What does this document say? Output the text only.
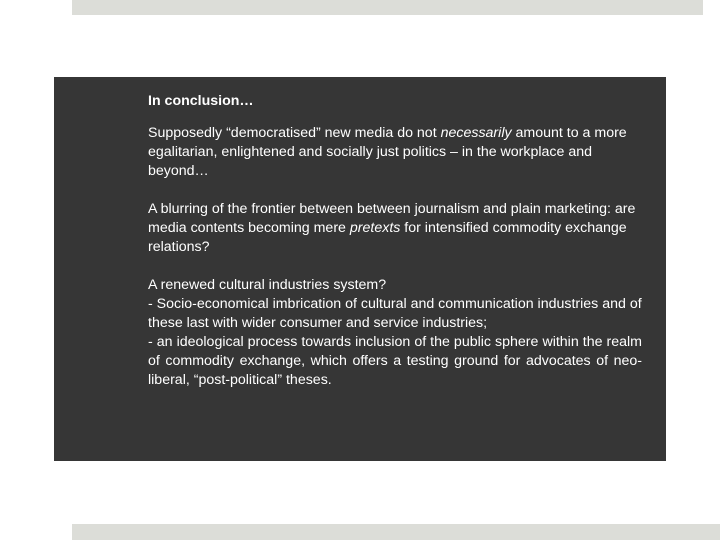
In conclusion…
Supposedly “democratised” new media do not necessarily amount to a more egalitarian, enlightened and socially just politics – in the workplace and beyond…
A blurring of the frontier between between journalism and plain marketing: are media contents becoming mere pretexts for intensified commodity exchange relations?
A renewed cultural industries system?
- Socio-economical imbrication of cultural and communication industries and of these last with wider consumer and service industries;
- an ideological process towards inclusion of the public sphere within the realm of commodity exchange, which offers a testing ground for advocates of neo-liberal, “post-political” theses.
